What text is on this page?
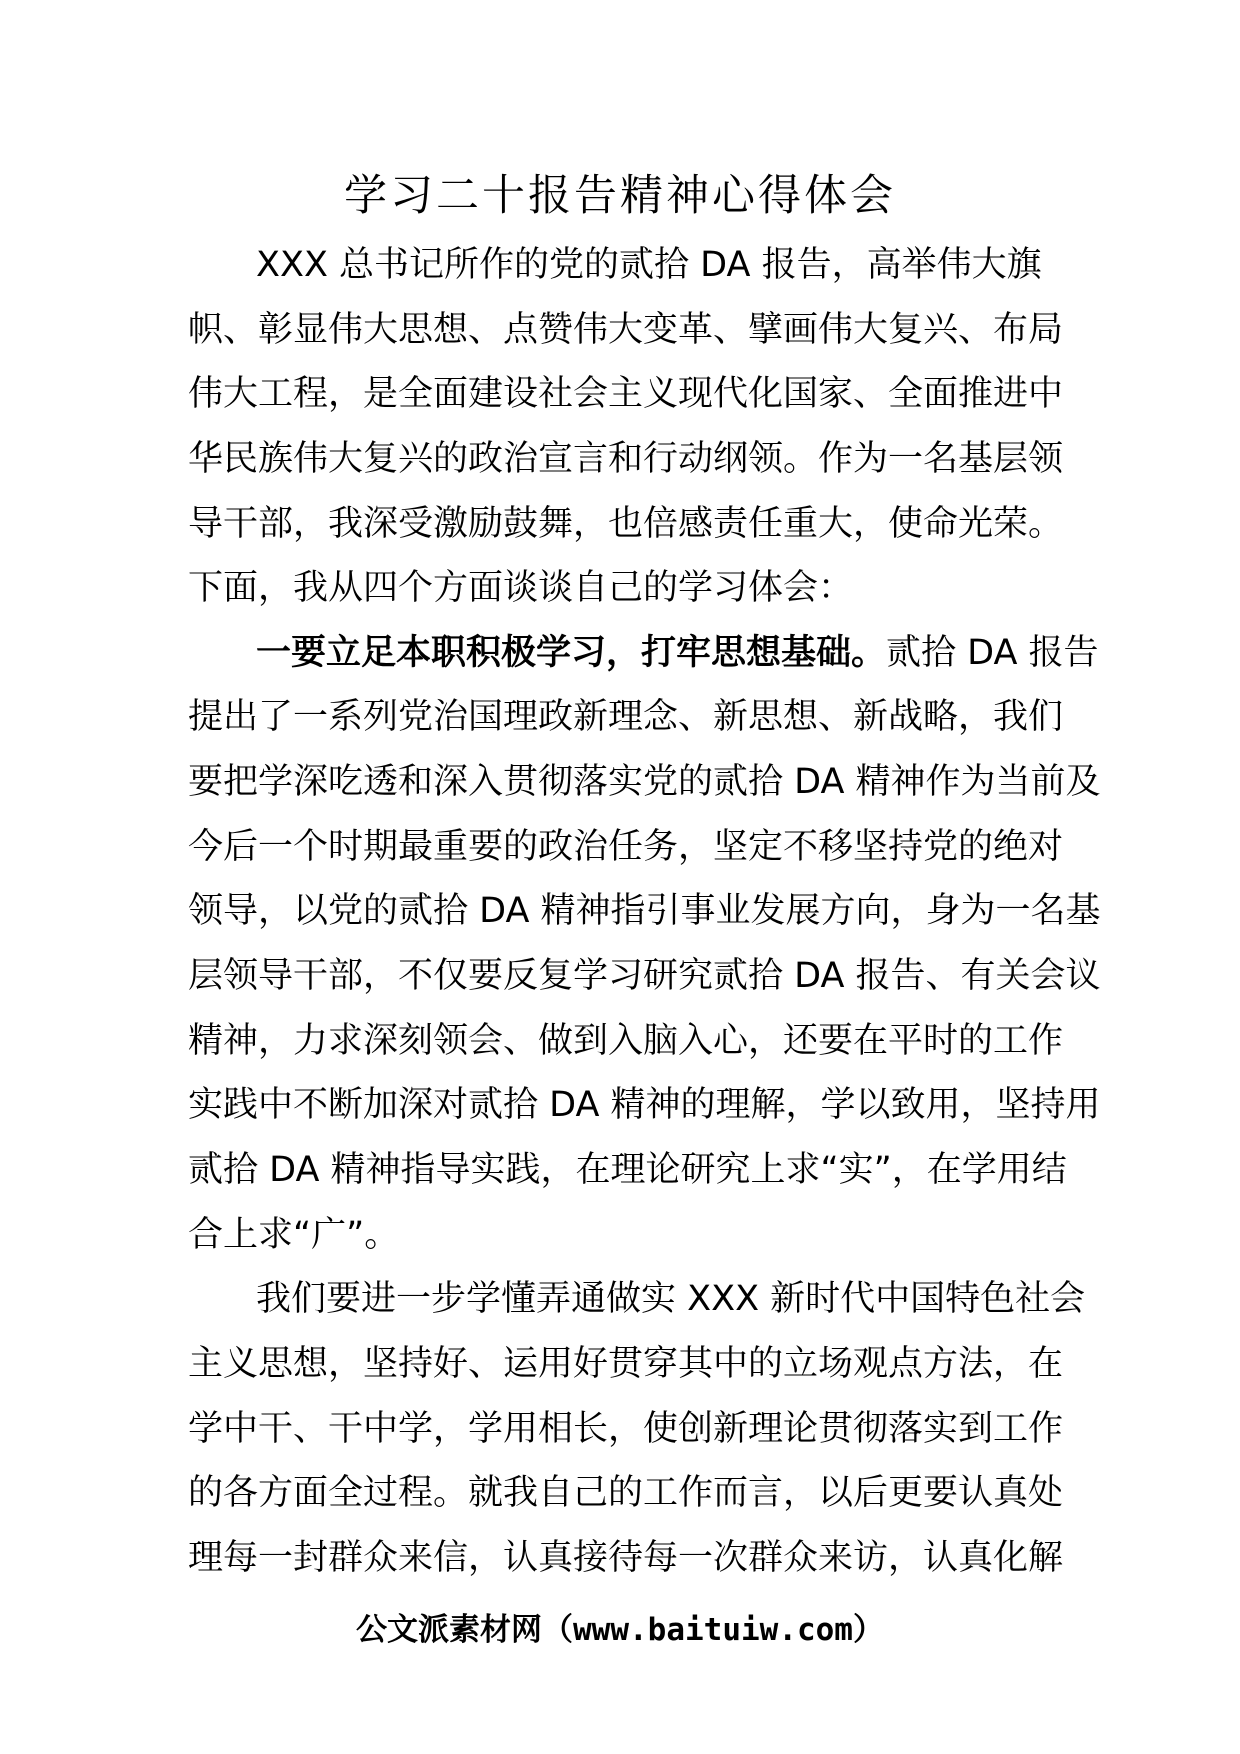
学习二十报告精神心得体会
XXX 总书记所作的党的贰拾 DA 报告，高举伟大旗
帜、彰显伟大思想、点赞伟大变革、擘画伟大复兴、布局
伟大工程，是全面建设社会主义现代化国家、全面推进中
华民族伟大复兴的政治宣言和行动纲领。作为一名基层领
导干部，我深受激励鼓舞，也倍感责任重大，使命光荣。
下面，我从四个方面谈谈自己的学习体会：
一要立足本职积极学习，打牢思想基础。贰拾 DA 报告
提出了一系列党治国理政新理念、新思想、新战略，我们
要把学深吃透和深入贯彻落实党的贰拾 DA 精神作为当前及
今后一个时期最重要的政治任务，坚定不移坚持党的绝对
领导，以党的贰拾 DA 精神指引事业发展方向，身为一名基
层领导干部，不仅要反复学习研究贰拾 DA 报告、有关会议
精神，力求深刻领会、做到入脑入心，还要在平时的工作
实践中不断加深对贰拾 DA 精神的理解，学以致用，坚持用
贰拾 DA 精神指导实践，在理论研究上求“实”，在学用结
合上求“广”。
我们要进一步学懂弄通做实 XXX 新时代中国特色社会
主义思想，坚持好、运用好贯穿其中的立场观点方法，在
学中干、干中学，学用相长，使创新理论贯彻落实到工作
的各方面全过程。就我自己的工作而言，以后更要认真处
理每一封群众来信，认真接待每一次群众来访，认真化解
公文派素材网（www.baituiw.com）
